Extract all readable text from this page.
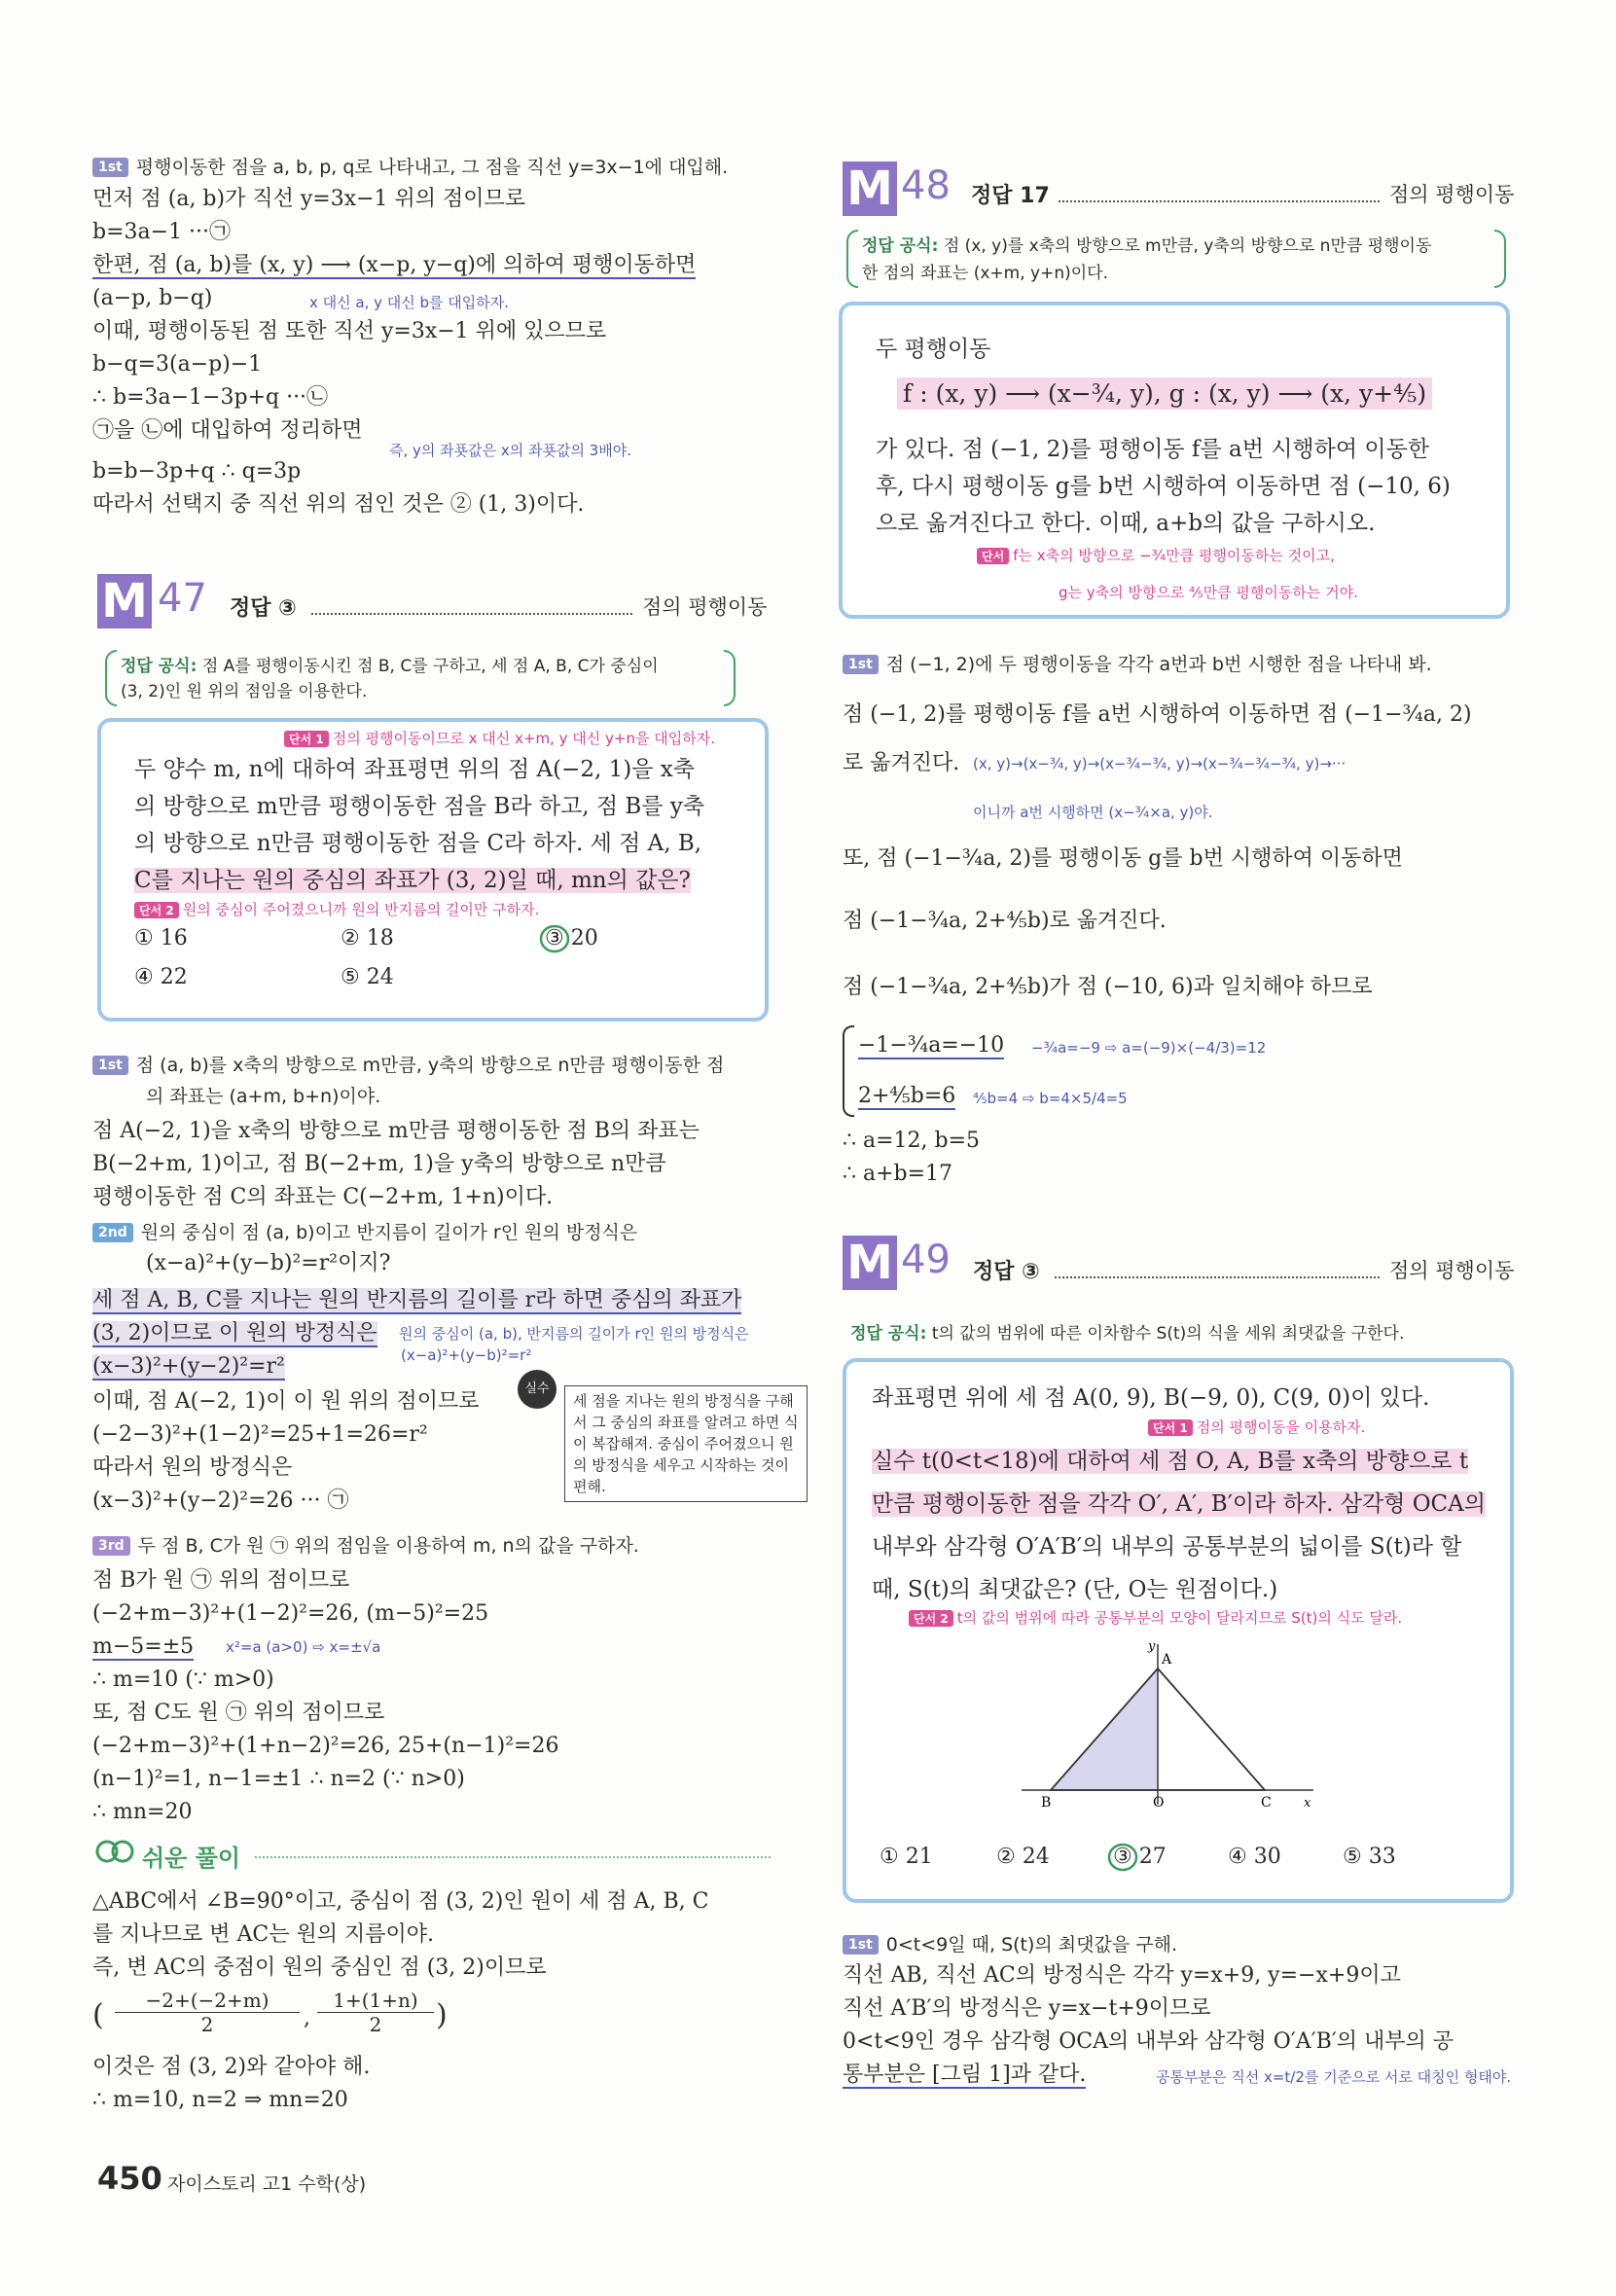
1st 평행이동한 점을 a, b, p, q로 나타내고, 그 점을 직선 y=3x−1에 대입해.
먼저 점 (a, b)가 직선 y=3x−1 위의 점이므로
b=3a−1 ···㉠
한편, 점 (a, b)를 (x, y) ⟶ (x−p, y−q)에 의하여 평행이동하면
(a−p, b−q)	x 대신 a, y 대신 b를 대입하자.
이때, 평행이동된 점 또한 직선 y=3x−1 위에 있으므로
b−q=3(a−p)−1
∴ b=3a−1−3p+q ···㉡
㉠을 ㉡에 대입하여 정리하면
즉, y의 좌푯값은 x의 좌푯값의 3배야.
b=b−3p+q ∴ q=3p
따라서 선택지 중 직선 위의 점인 것은 ② (1, 3)이다.
M 47 정답 ③	점의 평행이동
정답 공식: 점 A를 평행이동시킨 점 B, C를 구하고, 세 점 A, B, C가 중심이
(3, 2)인 원 위의 점임을 이용한다.
단서 1 점의 평행이동이므로 x 대신 x+m, y 대신 y+n을 대입하자.
두 양수 m, n에 대하여 좌표평면 위의 점 A(−2, 1)을 x축
의 방향으로 m만큼 평행이동한 점을 B라 하고, 점 B를 y축
의 방향으로 n만큼 평행이동한 점을 C라 하자. 세 점 A, B,
C를 지나는 원의 중심의 좌표가 (3, 2)일 때, mn의 값은?
단서 2 원의 중심이 주어졌으니까 원의 반지름의 길이만 구하자.
① 16	② 18	③ 20
④ 22	⑤ 24
1st 점 (a, b)를 x축의 방향으로 m만큼, y축의 방향으로 n만큼 평행이동한 점
의 좌표는 (a+m, b+n)이야.
점 A(−2, 1)을 x축의 방향으로 m만큼 평행이동한 점 B의 좌표는
B(−2+m, 1)이고, 점 B(−2+m, 1)을 y축의 방향으로 n만큼
평행이동한 점 C의 좌표는 C(−2+m, 1+n)이다.
2nd 원의 중심이 점 (a, b)이고 반지름이 길이가 r인 원의 방정식은
(x−a)²+(y−b)²=r²이지?
세 점 A, B, C를 지나는 원의 반지름의 길이를 r라 하면 중심의 좌표가
(3, 2)이므로 이 원의 방정식은 원의 중심이 (a, b), 반지름의 길이가 r인 원의 방정식은
(x−3)²+(y−2)²=r²	(x−a)²+(y−b)²=r²
이때, 점 A(−2, 1)이 이 원 위의 점이므로
(−2−3)²+(1−2)²=25+1=26=r²
따라서 원의 방정식은
(x−3)²+(y−2)²=26 ··· ㉠
실수
세 점을 지나는 원의 방정식을 구해서 그 중심의 좌표를 알려고 하면 식이 복잡해져. 중심이 주어졌으니 원의 방정식을 세우고 시작하는 것이 편해.
3rd 두 점 B, C가 원 ㉠ 위의 점임을 이용하여 m, n의 값을 구하자.
점 B가 원 ㉠ 위의 점이므로
(−2+m−3)²+(1−2)²=26, (m−5)²=25
m−5=±5 x²=a (a>0) ⇨ x=±√a
∴ m=10 (∵ m>0)
또, 점 C도 원 ㉠ 위의 점이므로
(−2+m−3)²+(1+n−2)²=26, 25+(n−1)²=26
(n−1)²=1, n−1=±1 ∴ n=2 (∵ n>0)
∴ mn=20
쉬운 풀이
△ABC에서 ∠B=90°이고, 중심이 점 (3, 2)인 원이 세 점 A, B, C
를 지나므로 변 AC는 원의 지름이야.
즉, 변 AC의 중점이 원의 중심인 점 (3, 2)이므로
(	−2+(−2+m)
2	,
1+(1+n)
2	)
이것은 점 (3, 2)와 같아야 해.
∴ m=10, n=2 ⇒ mn=20
450 자이스토리 고1 수학(상)
M 48 정답 17	점의 평행이동
정답 공식: 점 (x, y)를 x축의 방향으로 m만큼, y축의 방향으로 n만큼 평행이동
한 점의 좌표는 (x+m, y+n)이다.
두 평행이동
f : (x, y) ⟶ (x−¾, y), g : (x, y) ⟶ (x, y+⅘)
가 있다. 점 (−1, 2)를 평행이동 f를 a번 시행하여 이동한
후, 다시 평행이동 g를 b번 시행하여 이동하면 점 (−10, 6)
으로 옮겨진다고 한다. 이때, a+b의 값을 구하시오.
단서 f는 x축의 방향으로 −¾만큼 평행이동하는 것이고,
g는 y축의 방향으로 ⅘만큼 평행이동하는 거야.
1st 점 (−1, 2)에 두 평행이동을 각각 a번과 b번 시행한 점을 나타내 봐.
점 (−1, 2)를 평행이동 f를 a번 시행하여 이동하면 점 (−1−¾a, 2)
로 옮겨진다. (x, y)→(x−¾, y)→(x−¾−¾, y)→(x−¾−¾−¾, y)→···
이니까 a번 시행하면 (x−¾×a, y)야.
또, 점 (−1−¾a, 2)를 평행이동 g를 b번 시행하여 이동하면
점 (−1−¾a, 2+⅘b)로 옮겨진다.
점 (−1−¾a, 2+⅘b)가 점 (−10, 6)과 일치해야 하므로
−1−¾a=−10 −¾a=−9 ⇨ a=(−9)×(−4/3)=12
2+⅘b=6 ⅘b=4 ⇨ b=4×5/4=5
∴ a=12, b=5
∴ a+b=17
M 49 정답 ③	점의 평행이동
정답 공식: t의 값의 범위에 따른 이차함수 S(t)의 식을 세워 최댓값을 구한다.
좌표평면 위에 세 점 A(0, 9), B(−9, 0), C(9, 0)이 있다.
단서 1 점의 평행이동을 이용하자.
실수 t(0<t<18)에 대하여 세 점 O, A, B를 x축의 방향으로 t
만큼 평행이동한 점을 각각 O′, A′, B′이라 하자. 삼각형 OCA의
내부와 삼각형 O′A′B′의 내부의 공통부분의 넓이를 S(t)라 할
때, S(t)의 최댓값은? (단, O는 원점이다.)
단서 2 t의 값의 범위에 따라 공통부분의 모양이 달라지므로 S(t)의 식도 달라.
A
y
B	O	C	x
① 21	② 24	③ 27	④ 30	⑤ 33
1st 0<t<9일 때, S(t)의 최댓값을 구해.
직선 AB, 직선 AC의 방정식은 각각 y=x+9, y=−x+9이고
직선 A′B′의 방정식은 y=x−t+9이므로
0<t<9인 경우 삼각형 OCA의 내부와 삼각형 O′A′B′의 내부의 공
통부분은 [그림 1]과 같다.	공통부분은 직선 x=t/2를 기준으로 서로 대칭인 형태야.
